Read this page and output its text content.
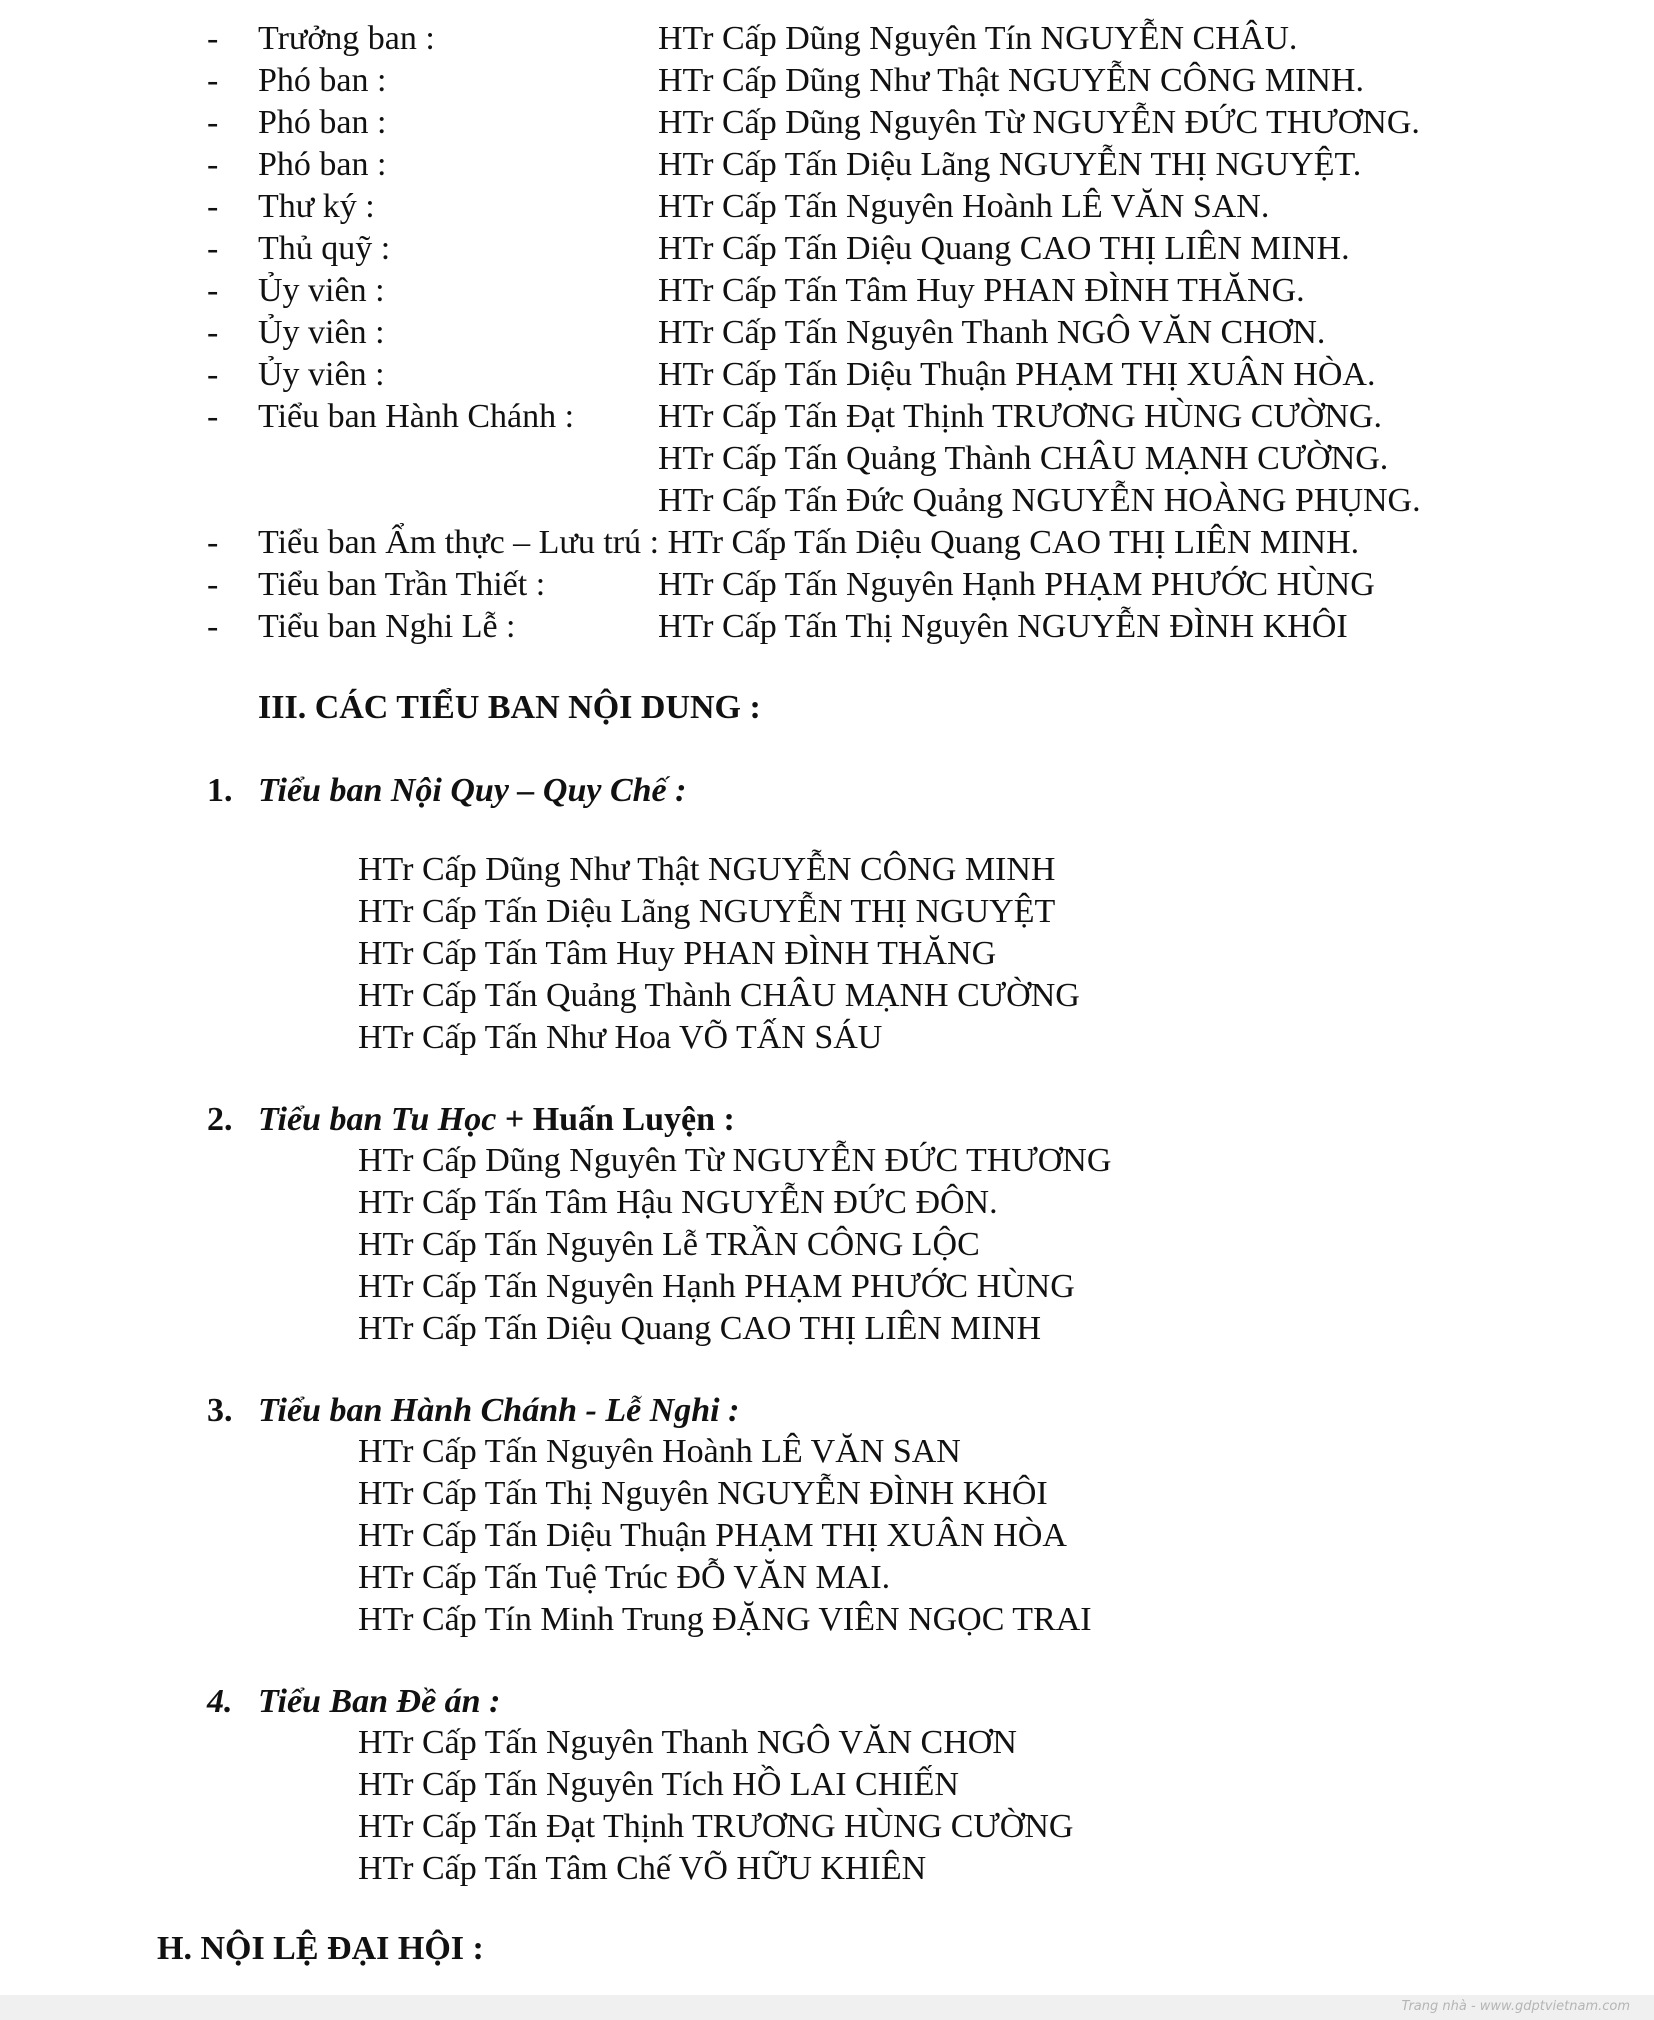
- Trưởng ban :	HTr Cấp Dũng Nguyên Tín NGUYỄN CHÂU.
- Phó ban :	HTr Cấp Dũng Như Thật NGUYỄN CÔNG MINH.
- Phó ban :	HTr Cấp Dũng Nguyên Từ NGUYỄN ĐỨC THƯƠNG.
- Phó ban :	HTr Cấp Tấn Diệu Lãng NGUYỄN THỊ NGUYỆT.
- Thư ký :	HTr Cấp Tấn Nguyên Hoành LÊ VĂN SAN.
- Thủ quỹ :	HTr Cấp Tấn Diệu Quang CAO THỊ LIÊN MINH.
- Ủy viên :	HTr Cấp Tấn Tâm Huy PHAN ĐÌNH THĂNG.
- Ủy viên :	HTr Cấp Tấn Nguyên Thanh NGÔ VĂN CHƠN.
- Ủy viên :	HTr Cấp Tấn Diệu Thuận PHẠM THỊ XUÂN HÒA.
- Tiểu ban Hành Chánh : HTr Cấp Tấn Đạt Thịnh TRƯƠNG HÙNG CƯỜNG.
HTr Cấp Tấn Quảng Thành CHÂU MẠNH CƯỜNG.
HTr Cấp Tấn Đức Quảng NGUYỄN HOÀNG PHỤNG.
- Tiểu ban Ẩm thực – Lưu trú : HTr Cấp Tấn Diệu Quang CAO THỊ LIÊN MINH.
- Tiểu ban Trần Thiết :	HTr Cấp Tấn Nguyên Hạnh PHẠM PHƯỚC HÙNG
- Tiểu ban Nghi Lễ :	HTr Cấp Tấn Thị Nguyên NGUYỄN ĐÌNH KHÔI
III. CÁC TIỂU BAN NỘI DUNG :
1. Tiểu ban Nội Quy – Quy Chế :
HTr Cấp Dũng Như Thật NGUYỄN CÔNG MINH
HTr Cấp Tấn Diệu Lãng NGUYỄN THỊ NGUYỆT
HTr Cấp Tấn Tâm Huy PHAN ĐÌNH THĂNG
HTr Cấp Tấn Quảng Thành CHÂU MẠNH CƯỜNG
HTr Cấp Tấn Như Hoa VÕ TẤN SÁU
2. Tiểu ban Tu Học + Huấn Luyện :
HTr Cấp Dũng Nguyên Từ NGUYỄN ĐỨC THƯƠNG
HTr Cấp Tấn Tâm Hậu NGUYỄN ĐỨC ĐÔN.
HTr Cấp Tấn Nguyên Lễ TRẦN CÔNG LỘC
HTr Cấp Tấn Nguyên Hạnh PHẠM PHƯỚC HÙNG
HTr Cấp Tấn Diệu Quang CAO THỊ LIÊN MINH
3. Tiểu ban Hành Chánh - Lễ Nghi :
HTr Cấp Tấn Nguyên Hoành LÊ VĂN SAN
HTr Cấp Tấn Thị Nguyên NGUYỄN ĐÌNH KHÔI
HTr Cấp Tấn Diệu Thuận PHẠM THỊ XUÂN HÒA
HTr Cấp Tấn Tuệ Trúc ĐỖ VĂN MAI.
HTr Cấp Tín Minh Trung ĐẶNG VIÊN NGỌC TRAI
4. Tiểu Ban Đề án :
HTr Cấp Tấn Nguyên Thanh NGÔ VĂN CHƠN
HTr Cấp Tấn Nguyên Tích HỒ LAI CHIẾN
HTr Cấp Tấn Đạt Thịnh TRƯƠNG HÙNG CƯỜNG
HTr Cấp Tấn Tâm Chế VÕ HỮU KHIÊN
H. NỘI LỆ ĐẠI HỘI :
Trang nhà - www.gdptvietnam.com
